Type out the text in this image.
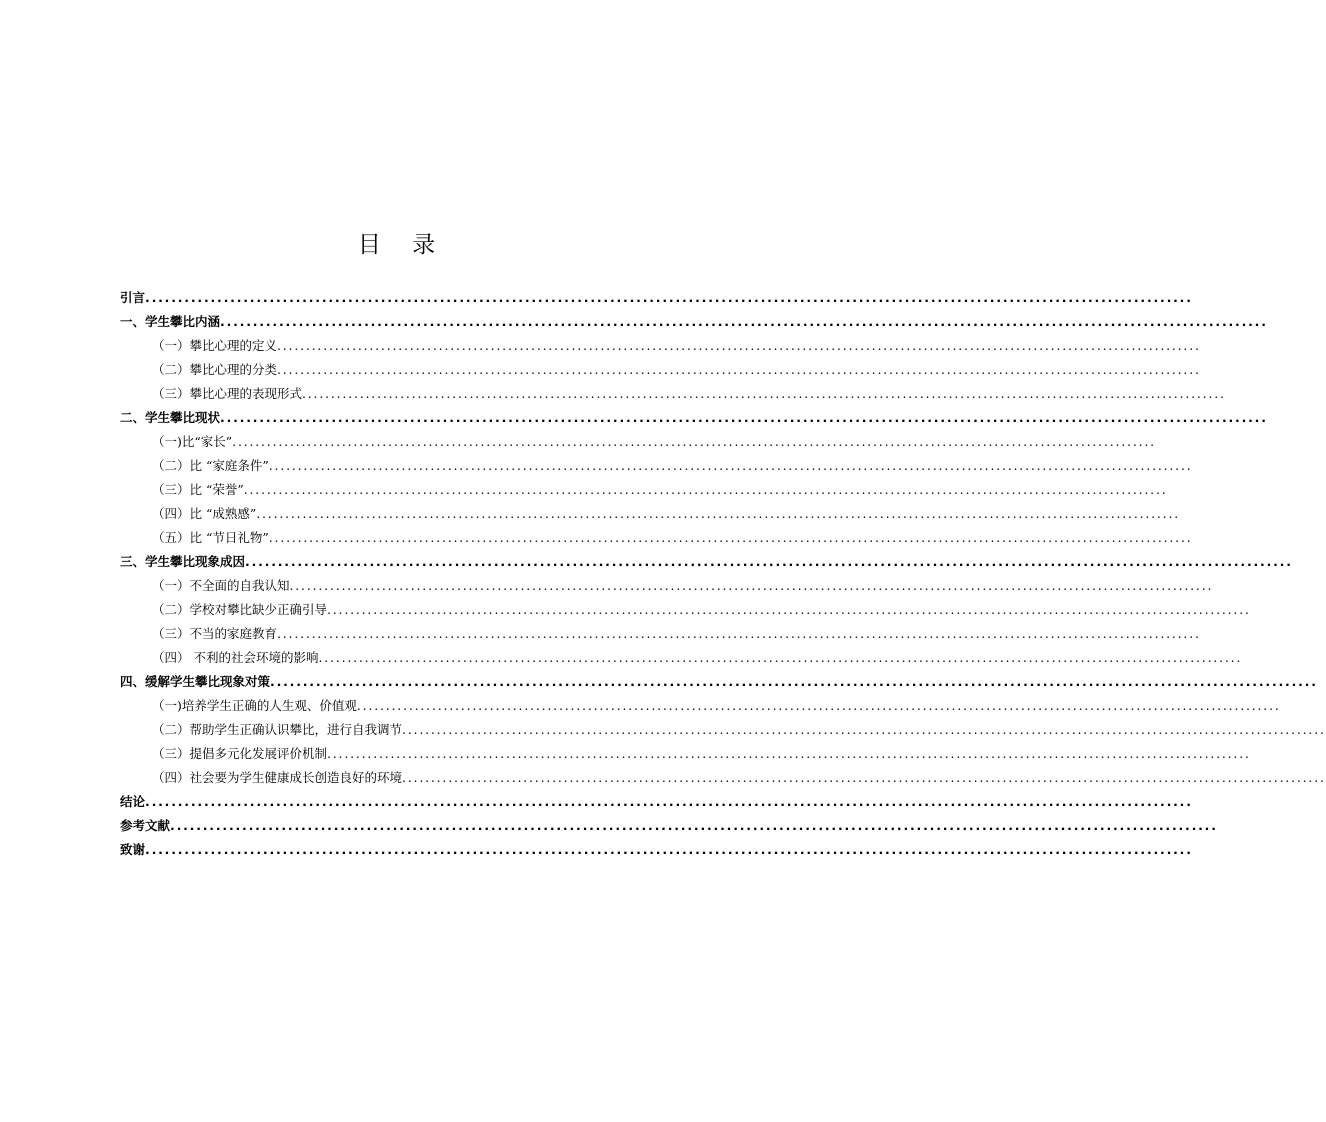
目 录
引言 ................................................................................................................................................................
一、学生攀比内涵 ................................................................................................................................................................
（一）攀比心理的定义 ................................................................................................................................................................
（二）攀比心理的分类 ................................................................................................................................................................
（三）攀比心理的表现形式 ................................................................................................................................................................
二、学生攀比现状 ................................................................................................................................................................
（一)比“家长” ................................................................................................................................................................
（二）比 “家庭条件” ................................................................................................................................................................
（三）比 “荣誉” ................................................................................................................................................................
（四）比 “成熟感” ................................................................................................................................................................
（五）比 “节日礼物” ................................................................................................................................................................
三、学生攀比现象成因 ................................................................................................................................................................
（一）不全面的自我认知 ................................................................................................................................................................
（二）学校对攀比缺少正确引导 ................................................................................................................................................................
（三）不当的家庭教育 ................................................................................................................................................................
（四） 不利的社会环境的影响 ................................................................................................................................................................
四、缓解学生攀比现象对策 ................................................................................................................................................................
（一)培养学生正确的人生观、价值观 ................................................................................................................................................................
（二）帮助学生正确认识攀比，进行自我调节 ................................................................................................................................................................
（三）提倡多元化发展评价机制 ................................................................................................................................................................
（四）社会要为学生健康成长创造良好的环境 ................................................................................................................................................................
结论 ................................................................................................................................................................
参考文献 ................................................................................................................................................................
致谢 ................................................................................................................................................................
